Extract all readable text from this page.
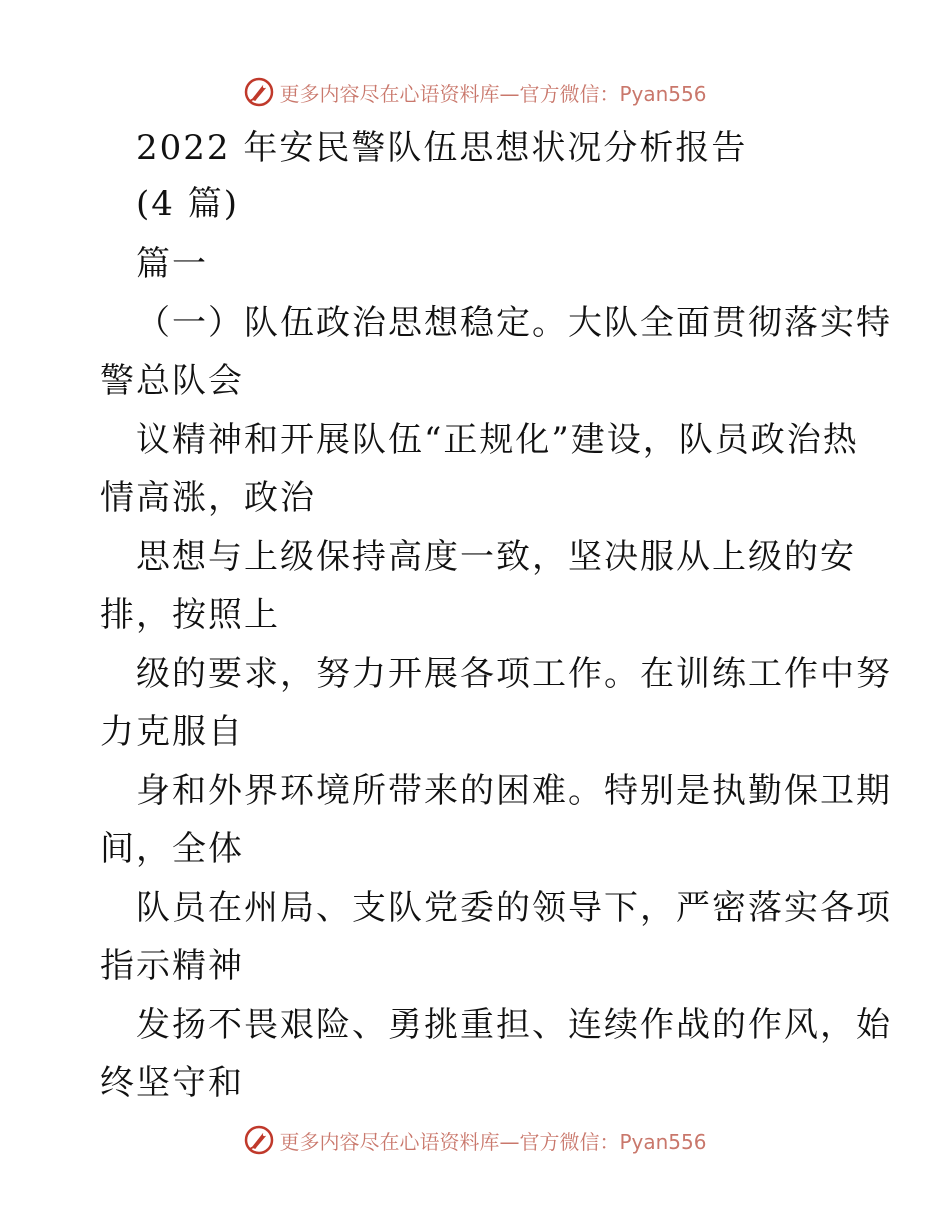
更多内容尽在心语资料库—官方微信：Pyan556
2022 年安民警队伍思想状况分析报告
(4 篇)
篇一
（一）队伍政治思想稳定。大队全面贯彻落实特
警总队会
议精神和开展队伍“正规化”建设，队员政治热
情高涨，政治
思想与上级保持高度一致，坚决服从上级的安
排，按照上
级的要求，努力开展各项工作。在训练工作中努
力克服自
身和外界环境所带来的困难。特别是执勤保卫期
间，全体
队员在州局、支队党委的领导下，严密落实各项
指示精神
发扬不畏艰险、勇挑重担、连续作战的作风，始
终坚守和
更多内容尽在心语资料库—官方微信：Pyan556
